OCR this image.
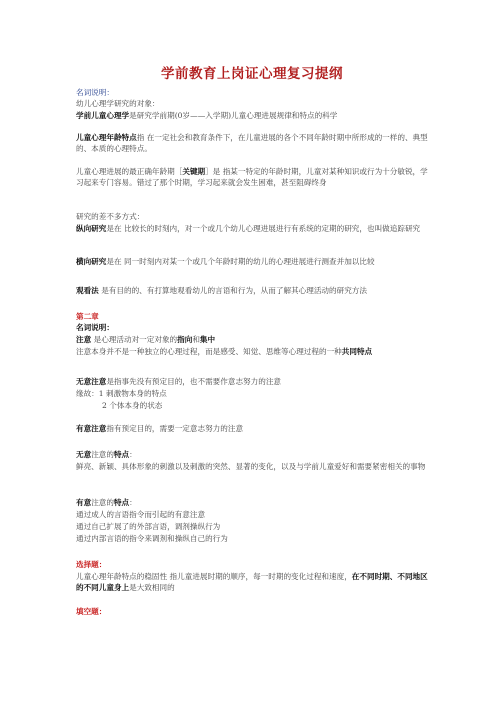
学前教育上岗证心理复习提纲
名词说明：
幼儿心理学研究的对象：
学前儿童心理学是研究学前期(0岁——入学期)儿童心理进展规律和特点的科学
儿童心理年龄特点指 在一定社会和教育条件下，在儿童进展的各个不同年龄时期中所形成的一样的、典型的、本质的心理特点。
儿童心理进展的最正确年龄期［关键期］是 指某一特定的年龄时期，儿童对某种知识或行为十分敏锐，学习起来专门容易。错过了那个时期，学习起来就会发生困难，甚至阻碍终身
研究的差不多方式：
纵向研究是在 比较长的时刻内，对一个或几个幼儿心理进展进行有系统的定期的研究，也叫做追踪研究
横向研究是在 同一时刻内对某一个或几个年龄时期的幼儿的心理进展进行测查并加以比较
观看法 是有目的的、有打算地观看幼儿的言语和行为，从而了解其心理活动的研究方法
第二章
名词说明：
注意 是心理活动对一定对象的指向和集中
注意本身并不是一种独立的心理过程，而是感受、知觉、思维等心理过程的一种共同特点
无意注意是指事先没有预定目的，也不需要作意志努力的注意
缘故：1 刺激物本身的特点
2 个体本身的状态
有意注意指有预定目的，需要一定意志努力的注意
无意注意的特点：
鲜亮、新颖、具体形象的刺激以及刺激的突然、显著的变化，以及与学前儿童爱好和需要紧密相关的事物
有意注意的特点：
通过成人的言语指令而引起的有意注意
通过自己扩展了的外部言语，调剂操纵行为
通过内部言语的指令来调剂和操纵自己的行为
选择题：
儿童心理年龄特点的稳固性 指儿童进展时期的顺序，每一时期的变化过程和速度，在不同时期、不同地区的不同儿童身上是大致相同的
填空题：
